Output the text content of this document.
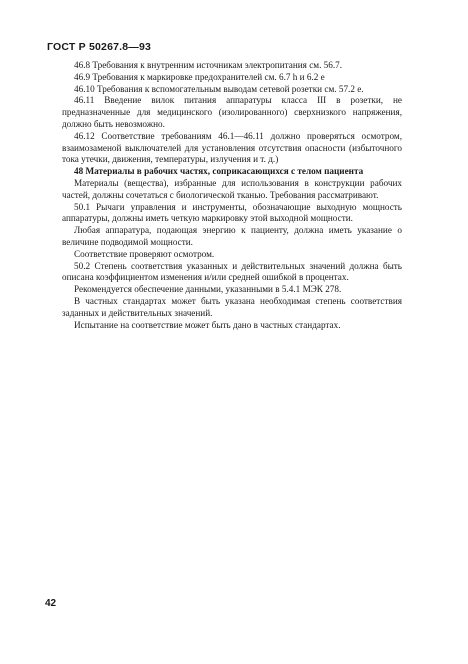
ГОСТ Р 50267.8—93

46.8 Требования к внутренним источникам электропитания см. 56.7.

46.9 Требования к маркировке предохранителей см. 6.7 h и 6.2 е

46.10 Требования к вспомогательным выводам сетевой розетки см. 57.2 е.

46.11 Введение вилок питания аппаратуры класса III в розетки, не предназначенные для медицинского (изолированного) сверхнизкого напряжения, должно быть невозможно.

46.12 Соответствие требованиям 46.1—46.11 должно проверяться осмотром, взаимозаменой выключателей для установления отсутствия опасности (избыточного тока утечки, движения, температуры, излучения и т. д.)

48 Материалы в рабочих частях, соприкасающихся с телом пациента

Материалы (вещества), избранные для использования в конструкции рабочих частей, должны сочетаться с биологической тканью. Требования рассматривают.

50.1 Рычаги управления и инструменты, обозначающие выходную мощность аппаратуры, должны иметь четкую маркировку этой выходной мощности.

Любая аппаратура, подающая энергию к пациенту, должна иметь указание о величине подводимой мощности.

Соответствие проверяют осмотром.

50.2 Степень соответствия указанных и действительных значений должна быть описана коэффициентом изменения и/или средней ошибкой в процентах.

Рекомендуется обеспечение данными, указанными в 5.4.1 МЭК 278.

В частных стандартах может быть указана необходимая степень соответствия заданных и действительных значений.

Испытание на соответствие может быть дано в частных стандартах.

42
